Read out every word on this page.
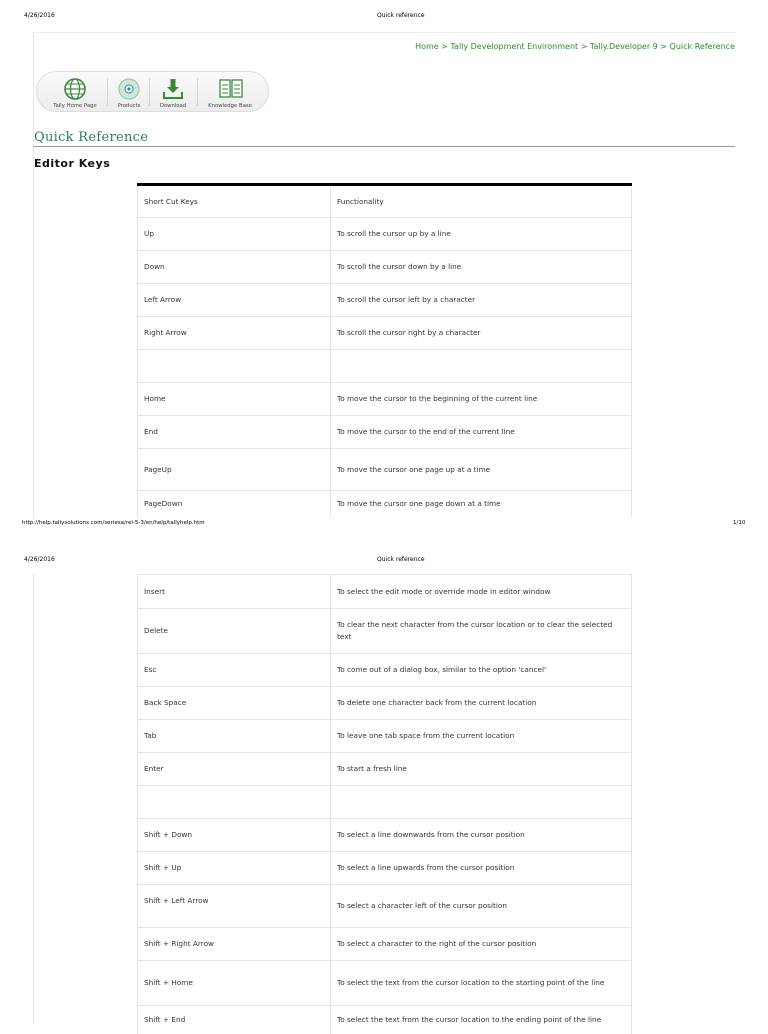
4/26/2016	Quick reference
Home > Tally Development Environment > Tally.Developer 9 > Quick Reference
Tally Home Page	Products	Download	Knowledge Base
Quick Reference
Editor Keys
Short Cut Keys	Functionality
Up	To scroll the cursor up by a line
Down	To scroll the cursor down by a line
Left Arrow	To scroll the cursor left by a character
Right Arrow	To scroll the cursor right by a character

Home	To move the cursor to the beginning of the current line
End	To move the cursor to the end of the current line
PageUp	To move the cursor one page up at a time
PageDown	To move the cursor one page down at a time
http://help.tallysolutions.com/seriesa/rel-5-3/en/help/tallyhelp.htm	1/10
4/26/2016	Quick reference
Insert	To select the edit mode or override mode in editor window
Delete	To clear the next character from the cursor location or to clear the selected text
Esc	To come out of a dialog box, similar to the option 'cancel'
Back Space	To delete one character back from the current location
Tab	To leave one tab space from the current location
Enter	To start a fresh line

Shift + Down	To select a line downwards from the cursor position
Shift + Up	To select a line upwards from the cursor position
Shift + Left Arrow	To select a character left of the cursor position
Shift + Right Arrow	To select a character to the right of the cursor position
Shift + Home	To select the text from the cursor location to the starting point of the line
Shift + End	To select the text from the cursor location to the ending point of the line
